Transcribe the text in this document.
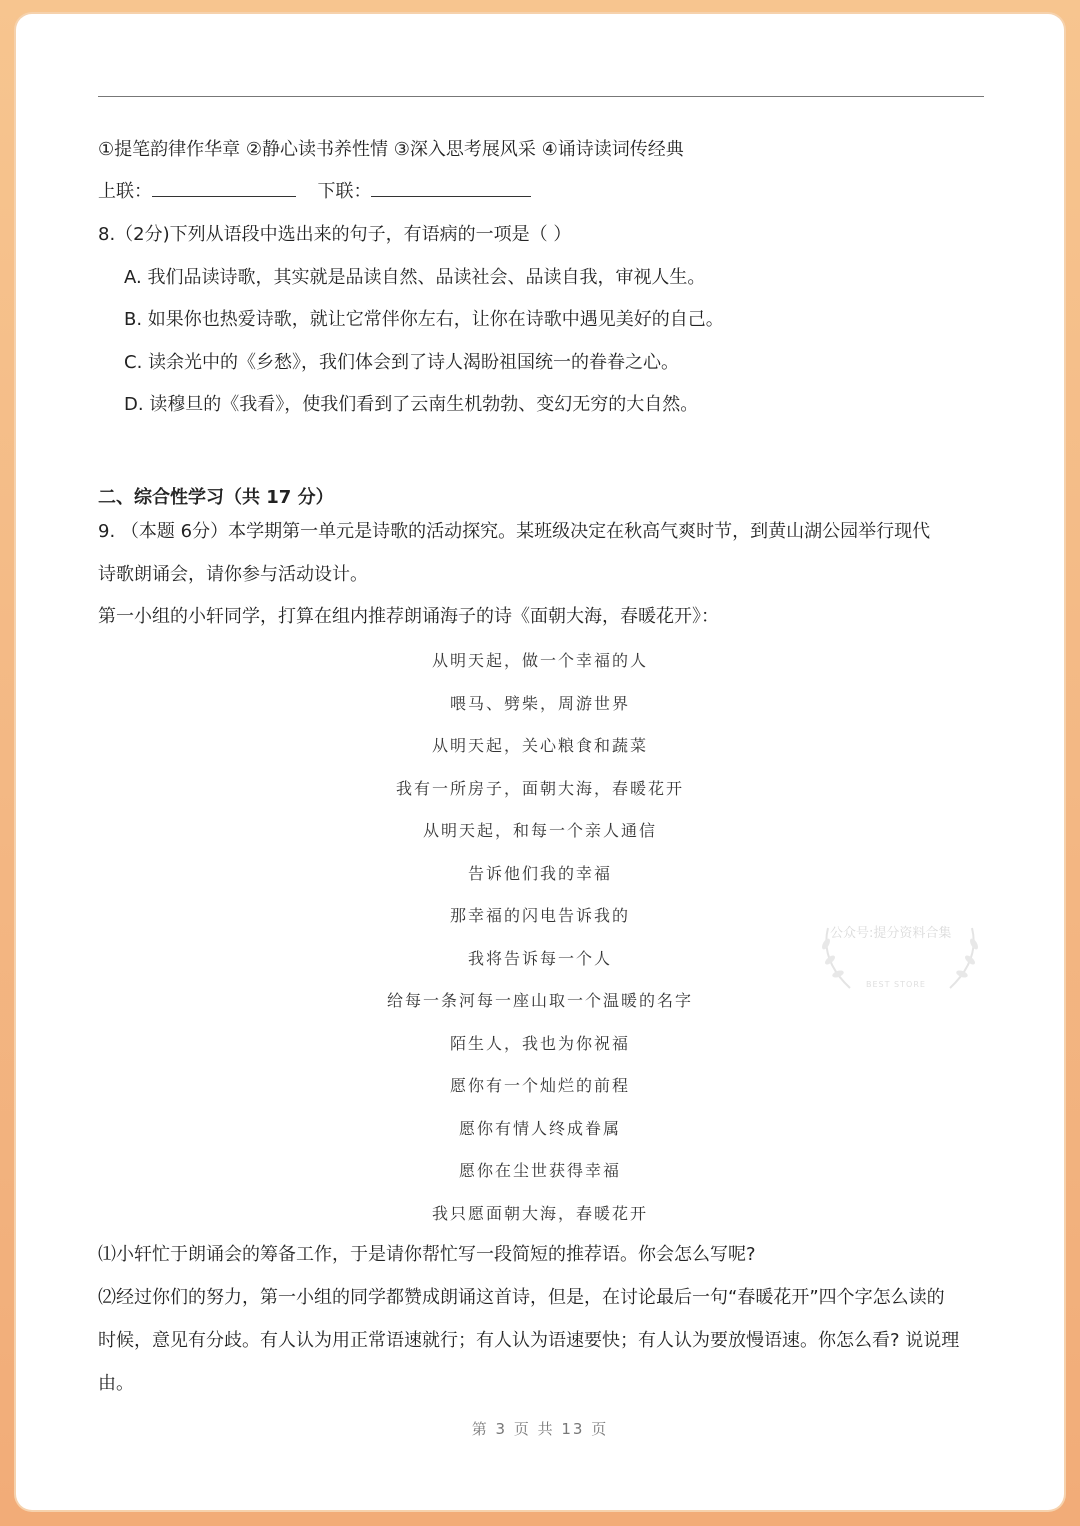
①提笔韵律作华章 ②静心读书养性情 ③深入思考展风采 ④诵诗读词传经典
上联：	下联：
8.（2分)下列从语段中选出来的句子，有语病的一项是（ ）
A. 我们品读诗歌，其实就是品读自然、品读社会、品读自我，审视人生。
B. 如果你也热爱诗歌，就让它常伴你左右，让你在诗歌中遇见美好的自己。
C. 读余光中的《乡愁》，我们体会到了诗人渴盼祖国统一的眷眷之心。
D. 读穆旦的《我看》，使我们看到了云南生机勃勃、变幻无穷的大自然。
二、综合性学习（共 17 分）
9. （本题 6分）本学期第一单元是诗歌的活动探究。某班级决定在秋高气爽时节，到黄山湖公园举行现代
诗歌朗诵会，请你参与活动设计。
第一小组的小轩同学，打算在组内推荐朗诵海子的诗《面朝大海，春暖花开》：
从明天起，做一个幸福的人
喂马、劈柴，周游世界
从明天起，关心粮食和蔬菜
我有一所房子，面朝大海，春暖花开
从明天起，和每一个亲人通信
告诉他们我的幸福
那幸福的闪电告诉我的
我将告诉每一个人
给每一条河每一座山取一个温暖的名字
陌生人，我也为你祝福
愿你有一个灿烂的前程
愿你有情人终成眷属
愿你在尘世获得幸福
我只愿面朝大海，春暖花开
⑴小轩忙于朗诵会的筹备工作，于是请你帮忙写一段简短的推荐语。你会怎么写呢?
⑵经过你们的努力，第一小组的同学都赞成朗诵这首诗，但是，在讨论最后一句“春暖花开”四个字怎么读的
时候，意见有分歧。有人认为用正常语速就行；有人认为语速要快；有人认为要放慢语速。你怎么看? 说说理
由。
公众号:提分资料合集
BEST STORE
第 3 页 共 13 页
